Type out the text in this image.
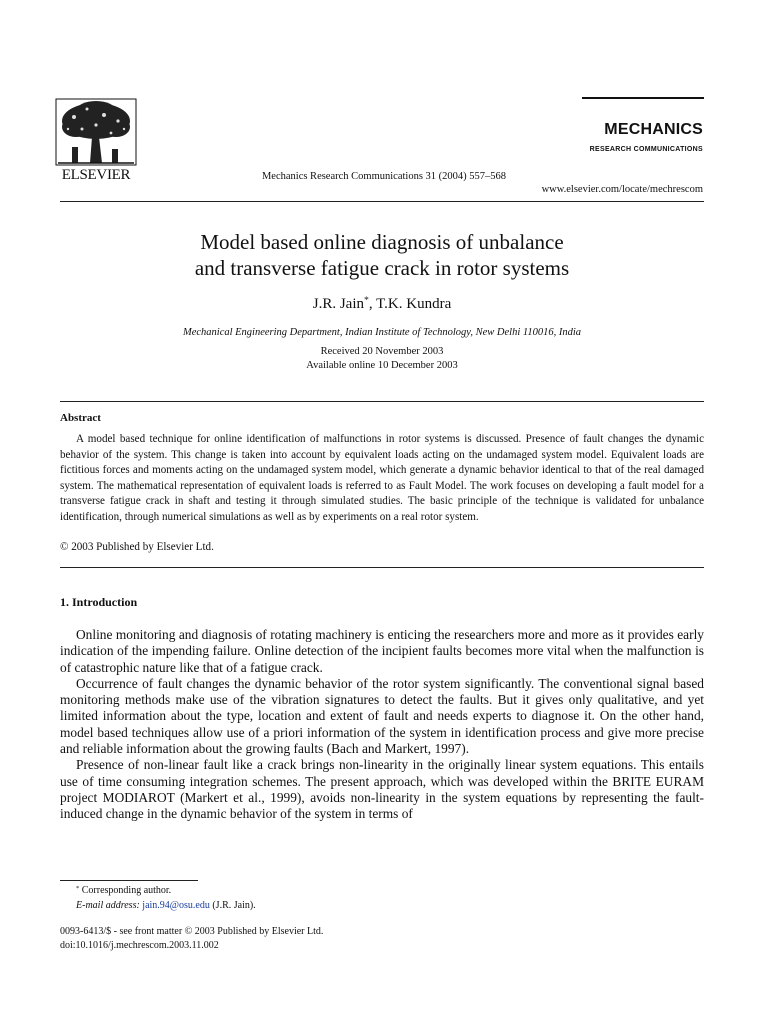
ELSEVIER	Mechanics Research Communications 31 (2004) 557–568
MECHANICS
RESEARCH COMMUNICATIONS
www.elsevier.com/locate/mechrescom
Model based online diagnosis of unbalance
and transverse fatigue crack in rotor systems
J.R. Jain*, T.K. Kundra
Mechanical Engineering Department, Indian Institute of Technology, New Delhi 110016, India
Received 20 November 2003
Available online 10 December 2003
Abstract

A model based technique for online identification of malfunctions in rotor systems is discussed. Presence of fault changes the dynamic behavior of the system. This change is taken into account by equivalent loads acting on the undamaged system model. Equivalent loads are fictitious forces and moments acting on the undamaged system model, which generate a dynamic behavior identical to that of the real damaged system. The mathematical representation of equivalent loads is referred to as Fault Model. The work focuses on developing a fault model for a transverse fatigue crack in shaft and testing it through simulated studies. The basic principle of the technique is validated for unbalance identification, through numerical simulations as well as by experiments on a real rotor system.

© 2003 Published by Elsevier Ltd.
1. Introduction

Online monitoring and diagnosis of rotating machinery is enticing the researchers more and more as it provides early indication of the impending failure. Online detection of the incipient faults becomes more vital when the malfunction is of catastrophic nature like that of a fatigue crack.

Occurrence of fault changes the dynamic behavior of the rotor system significantly. The conventional signal based monitoring methods make use of the vibration signatures to detect the faults. But it gives only qualitative, and yet limited information about the type, location and extent of fault and needs experts to diagnose it. On the other hand, model based techniques allow use of a priori information of the system in identification process and give more precise and reliable information about the growing faults (Bach and Markert, 1997).

Presence of non-linear fault like a crack brings non-linearity in the originally linear system equations. This entails use of time consuming integration schemes. The present approach, which was developed within the BRITE EURAM project MODIAROT (Markert et al., 1999), avoids non-linearity in the system equations by representing the fault-induced change in the dynamic behavior of the system in terms of

* Corresponding author.
E-mail address: jain.94@osu.edu (J.R. Jain).
0093-6413/$ - see front matter © 2003 Published by Elsevier Ltd.
doi:10.1016/j.mechrescom.2003.11.002
